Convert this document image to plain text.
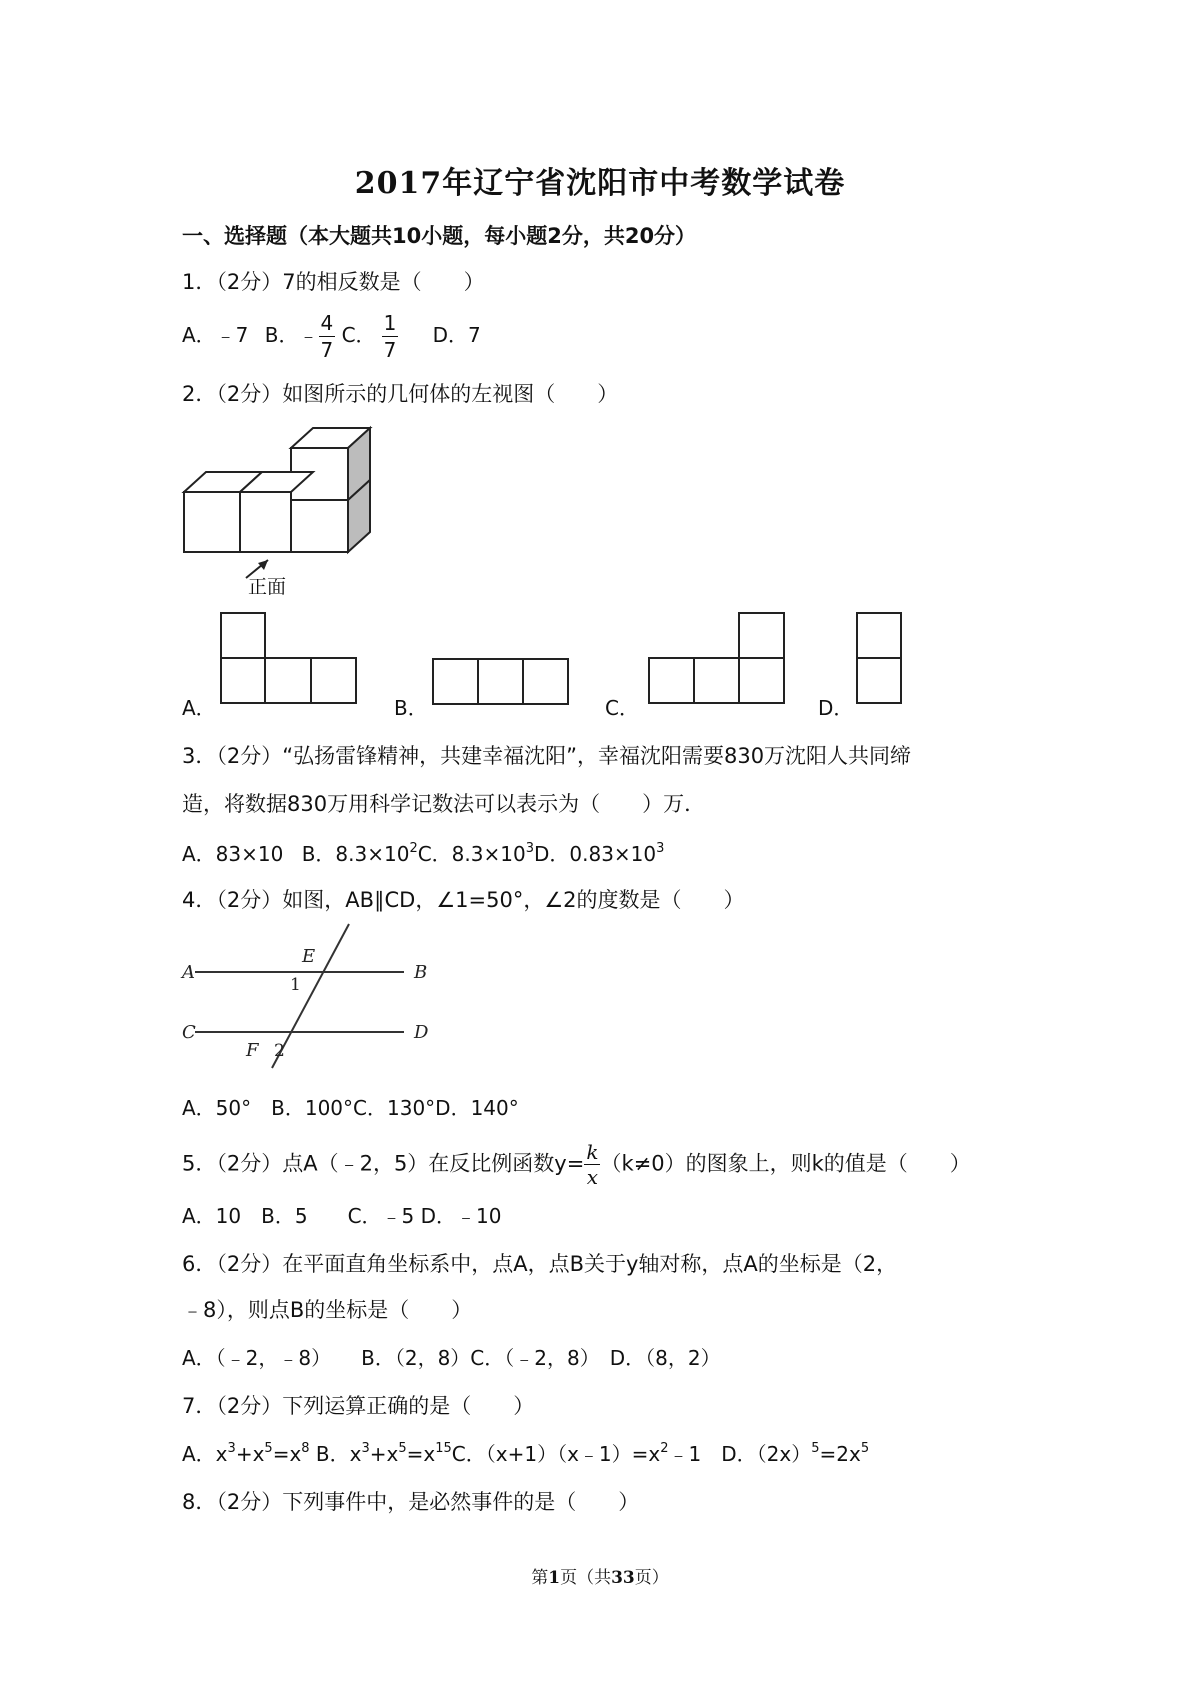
2017年辽宁省沈阳市中考数学试卷
一、选择题（本大题共10小题，每小题2分，共20分）
1．（2分）7的相反数是（　　）
A．﹣7 B．﹣ $\frac{4}{7}$ C． $\frac{1}{7}$ D．7
2．（2分）如图所示的几何体的左视图（　　）
正面
A．	B．	C．	D．
3．（2分）“弘扬雷锋精神，共建幸福沈阳”，幸福沈阳需要830万沈阳人共同缔
造，将数据830万用科学记数法可以表示为（　　）万．
A．83×10 B．$8.3\times 10^2C$．$8.3\times 10^3D$．$0.83\times 10^3$
4．（2分）如图，AB∥CD，∠1=50°，∠2的度数是（　　）
A	B
C	D
E
F
1
2
A．50°　B．100°C．130°D．140°
5．（2分）点A（﹣2，5）在反比例函数$y= \frac{k}{x} (k\ne 0)$的图象上，则k的值是（　　）
A．10　B．5　　C．﹣5 D．﹣10
6．（2分）在平面直角坐标系中，点A，点B关于y轴对称，点A的坐标是（2，
﹣8），则点B的坐标是（　　）
A．（﹣2，﹣8）　　B．（2，8）C．（﹣2，8）　D．（8，2）
7．（2分）下列运算正确的是（　　）
A．$x^3+x^5=x^8$ B．$x^3+x^5=x^{15}C$．$(x+1)(x﹣1)=x^2﹣1$　D．$(2x)^5=2x^5$
8．（2分）下列事件中，是必然事件的是（　　）
第1页（共33页）
